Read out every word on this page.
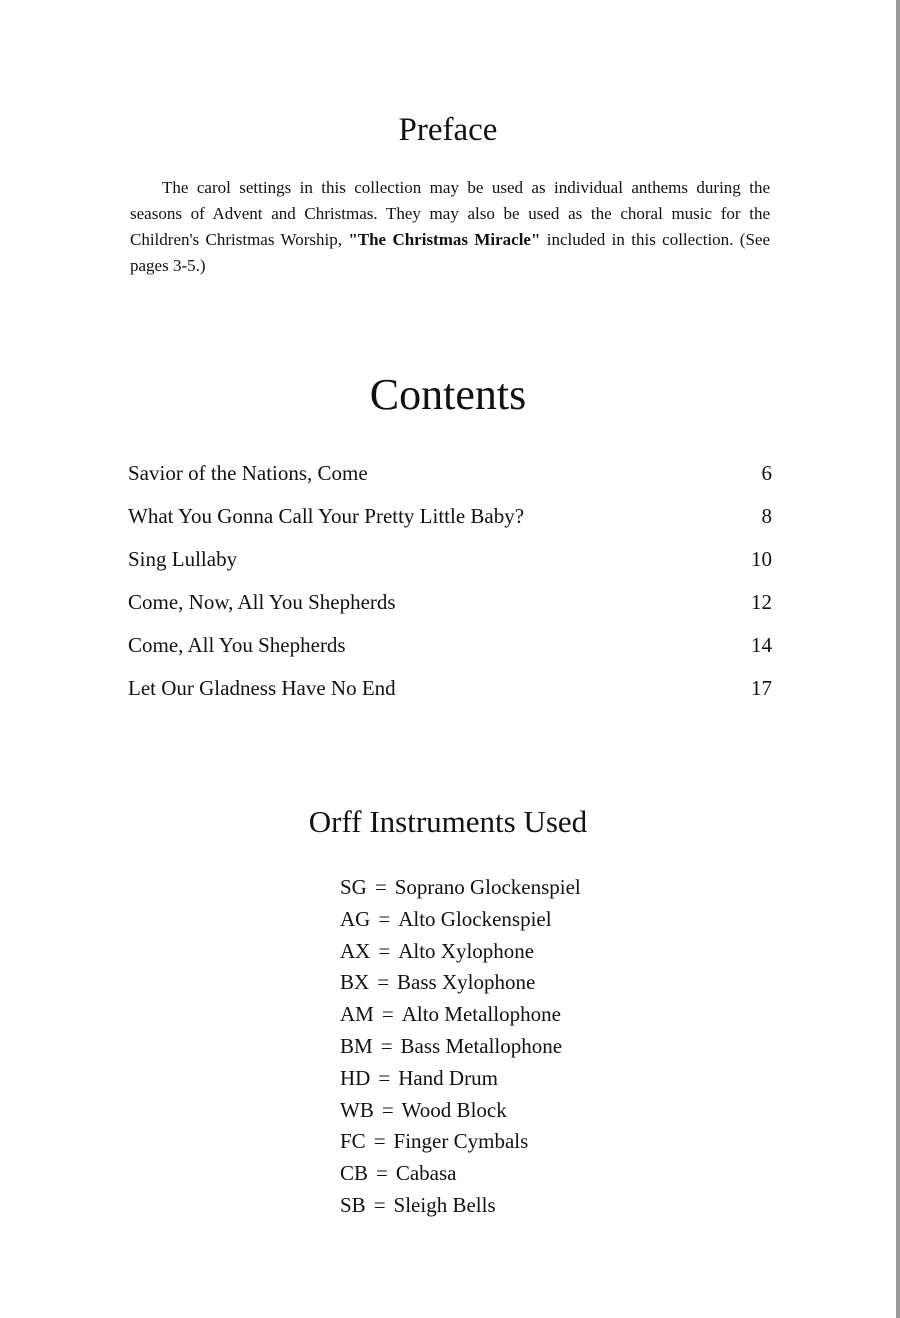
Preface

The carol settings in this collection may be used as individual anthems during the seasons of Advent and Christmas. They may also be used as the choral music for the Children's Christmas Worship, "The Christmas Miracle" included in this collection. (See pages 3-5.)

Contents
Savior of the Nations, Come	6
What You Gonna Call Your Pretty Little Baby?	8
Sing Lullaby	10
Come, Now, All You Shepherds	12
Come, All You Shepherds	14
Let Our Gladness Have No End	17
Orff Instruments Used
SG = Soprano Glockenspiel
AG = Alto Glockenspiel
AX = Alto Xylophone
BX = Bass Xylophone
AM = Alto Metallophone
BM = Bass Metallophone
HD = Hand Drum
WB = Wood Block
FC = Finger Cymbals
CB = Cabasa
SB = Sleigh Bells
